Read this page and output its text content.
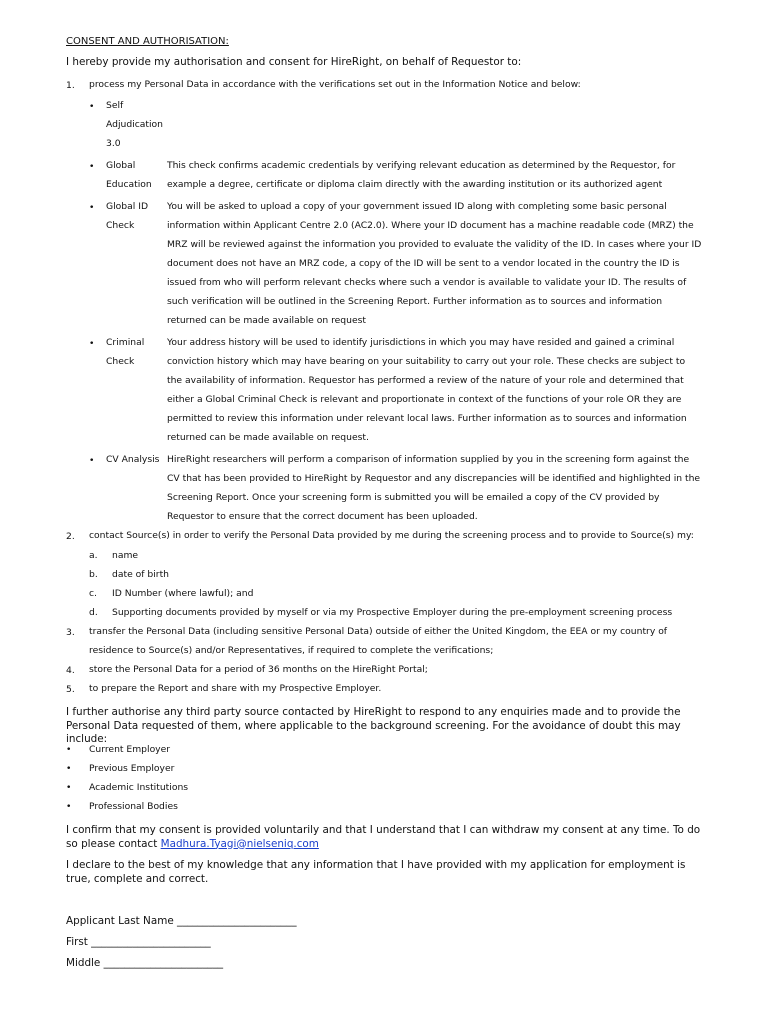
CONSENT AND AUTHORISATION:
I hereby provide my authorisation and consent for HireRight, on behalf of Requestor to:
1. process my Personal Data in accordance with the verifications set out in the Information Notice and below:
• Self
Adjudication
3.0
• Global
Education
This check confirms academic credentials by verifying relevant education as determined by the Requestor, for example a degree, certificate or diploma claim directly with the awarding institution or its authorized agent
• Global ID
Check
You will be asked to upload a copy of your government issued ID along with completing some basic personal information within Applicant Centre 2.0 (AC2.0). Where your ID document has a machine readable code (MRZ) the MRZ will be reviewed against the information you provided to evaluate the validity of the ID. In cases where your ID document does not have an MRZ code, a copy of the ID will be sent to a vendor located in the country the ID is issued from who will perform relevant checks where such a vendor is available to validate your ID. The results of such verification will be outlined in the Screening Report. Further information as to sources and information returned can be made available on request
• Criminal
Check
Your address history will be used to identify jurisdictions in which you may have resided and gained a criminal conviction history which may have bearing on your suitability to carry out your role. These checks are subject to the availability of information. Requestor has performed a review of the nature of your role and determined that either a Global Criminal Check is relevant and proportionate in context of the functions of your role OR they are permitted to review this information under relevant local laws. Further information as to sources and information returned can be made available on request.
• CV Analysis HireRight researchers will perform a comparison of information supplied by you in the screening form against the CV that has been provided to HireRight by Requestor and any discrepancies will be identified and highlighted in the Screening Report. Once your screening form is submitted you will be emailed a copy of the CV provided by Requestor to ensure that the correct document has been uploaded.
2. contact Source(s) in order to verify the Personal Data provided by me during the screening process and to provide to Source(s) my:
a. name
b. date of birth
c. ID Number (where lawful); and
d. Supporting documents provided by myself or via my Prospective Employer during the pre-employment screening process
3. transfer the Personal Data (including sensitive Personal Data) outside of either the United Kingdom, the EEA or my country of residence to Source(s) and/or Representatives, if required to complete the verifications;
4. store the Personal Data for a period of 36 months on the HireRight Portal;
5. to prepare the Report and share with my Prospective Employer.
I further authorise any third party source contacted by HireRight to respond to any enquiries made and to provide the Personal Data requested of them, where applicable to the background screening. For the avoidance of doubt this may include:
• Current Employer
• Previous Employer
• Academic Institutions
• Professional Bodies
I confirm that my consent is provided voluntarily and that I understand that I can withdraw my consent at any time. To do so please contact Madhura.Tyagi@nielseniq.com
I declare to the best of my knowledge that any information that I have provided with my application for employment is true, complete and correct.
Applicant Last Name _______________________
First _______________________
Middle _______________________
